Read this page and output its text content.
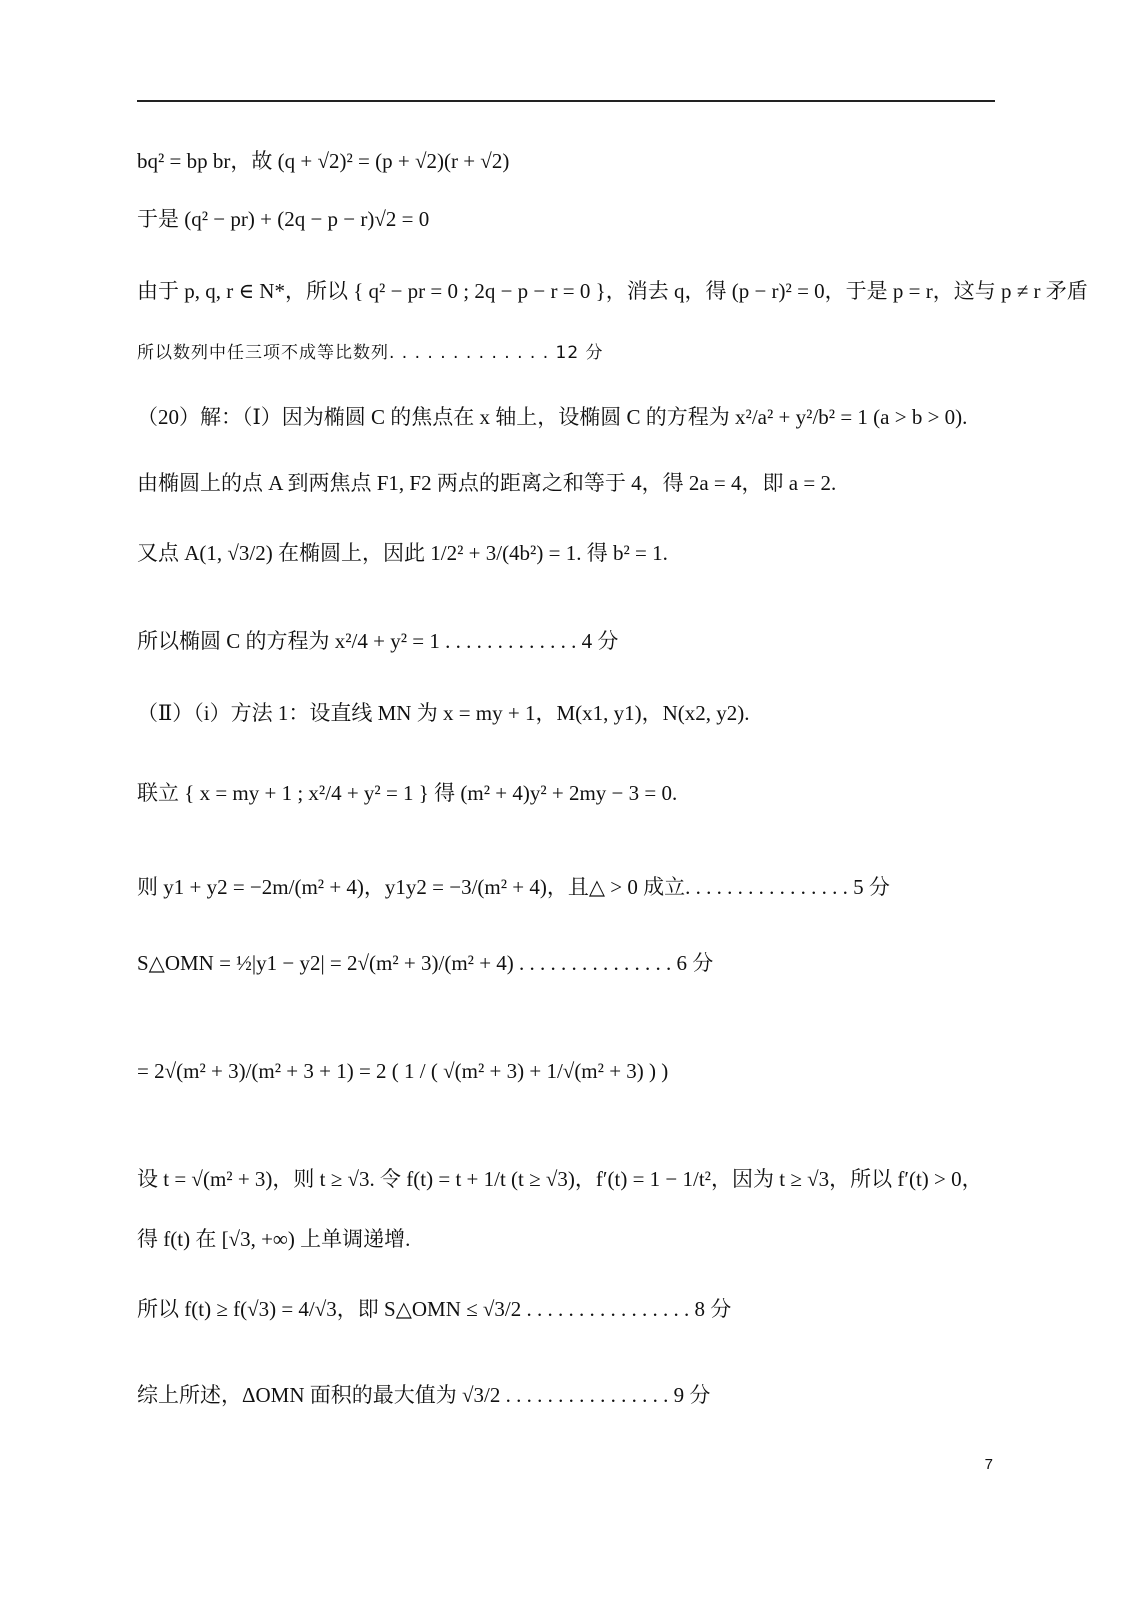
bq² = bp br，故 (q + √2)² = (p + √2)(r + √2)
于是 (q² − pr) + (2q − p − r)√2 = 0
由于 p, q, r ∈ N*，所以 { q² − pr = 0 ; 2q − p − r = 0 }，消去 q，得 (p − r)² = 0，于是 p = r，这与 p ≠ r 矛盾
所以数列中任三项不成等比数列. . . . . . . . . . . . . 12 分
（20）解：（Ⅰ）因为椭圆 C 的焦点在 x 轴上，设椭圆 C 的方程为 x²/a² + y²/b² = 1 (a > b > 0).
由椭圆上的点 A 到两焦点 F1, F2 两点的距离之和等于 4，得 2a = 4，即 a = 2.
又点 A(1, √3/2) 在椭圆上，因此 1/2² + 3/(4b²) = 1. 得 b² = 1.
所以椭圆 C 的方程为 x²/4 + y² = 1 . . . . . . . . . . . . . 4 分
（Ⅱ）（i）方法 1：设直线 MN 为 x = my + 1，M(x1, y1)，N(x2, y2).
联立 { x = my + 1 ; x²/4 + y² = 1 } 得 (m² + 4)y² + 2my − 3 = 0.
则 y1 + y2 = −2m/(m² + 4)，y1y2 = −3/(m² + 4)，且△ > 0 成立. . . . . . . . . . . . . . . . 5 分
S△OMN = ½|y1 − y2| = 2√(m² + 3)/(m² + 4) . . . . . . . . . . . . . . . 6 分
= 2√(m² + 3)/(m² + 3 + 1) = 2 ( 1 / ( √(m² + 3) + 1/√(m² + 3) ) )
设 t = √(m² + 3)，则 t ≥ √3. 令 f(t) = t + 1/t (t ≥ √3)，f′(t) = 1 − 1/t²，因为 t ≥ √3，所以 f′(t) > 0，
得 f(t) 在 [√3, +∞) 上单调递增.
所以 f(t) ≥ f(√3) = 4/√3，即 S△OMN ≤ √3/2 . . . . . . . . . . . . . . . . 8 分
综上所述，ΔOMN 面积的最大值为 √3/2 . . . . . . . . . . . . . . . . 9 分
7
